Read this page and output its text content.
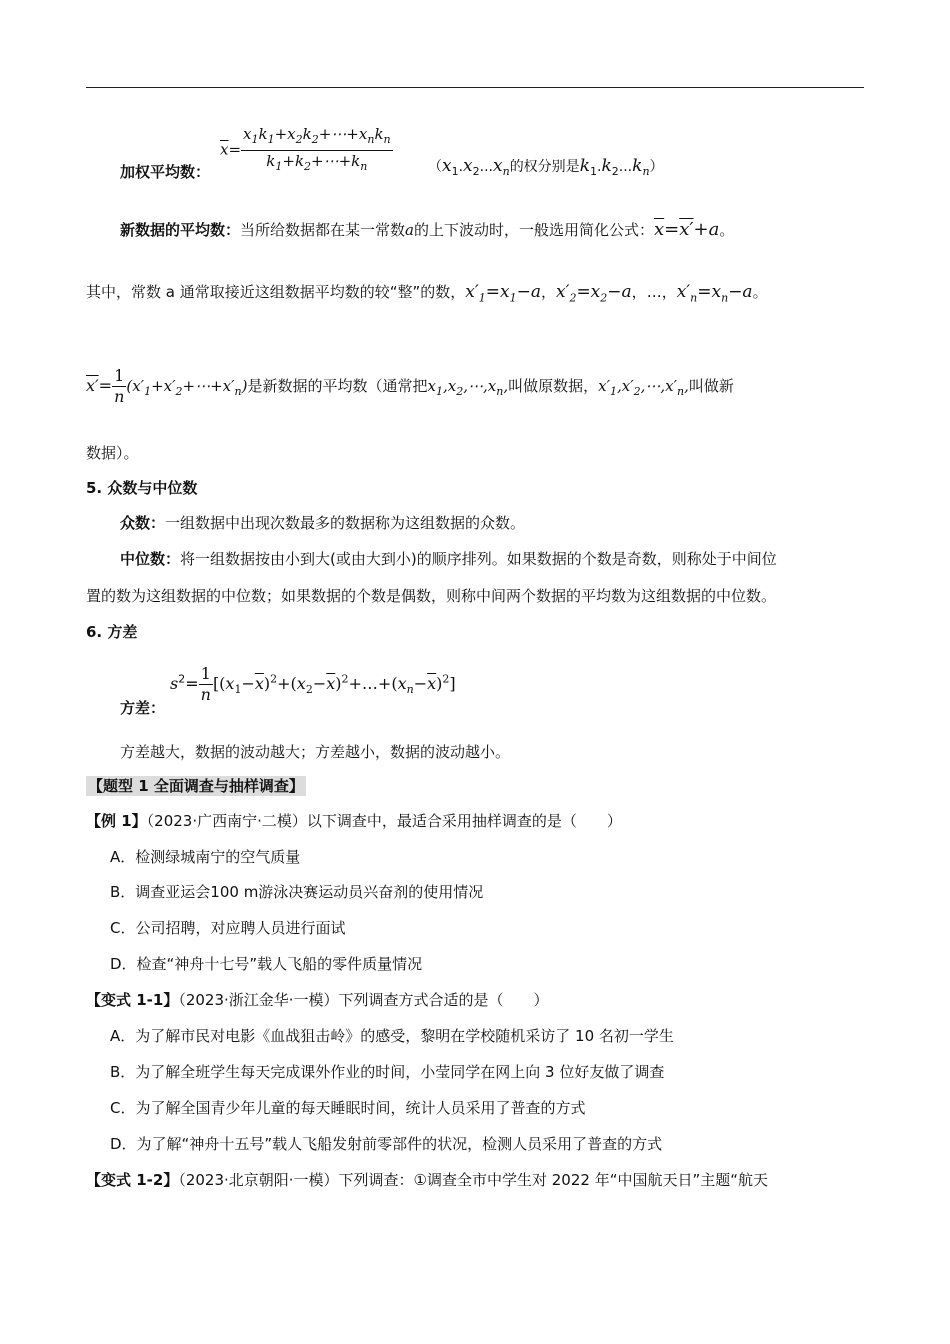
$\overline{x}= \frac{x_1k_1+x_2k_2+\cdots+x_nk_n}{k_1+k_2+\cdots+k_n}$
加权平均数：	（$x_1.x_2...x_n$的权分别是$k_1.k_2...k_n$）
新数据的平均数：当所给数据都在某一常数a的上下波动时，一般选用简化公式：$\overline{x}=x'+a$。
其中，常数 a 通常取接近这组数据平均数的较“整”的数，$x'_1=x_1-a$，$x'_2=x_2-a$，…，$x'_n=x_n-a$。
$x'= \frac{1}{n}$ $(x'_1+x'_2+\cdots+x'_n)$是新数据的平均数（通常把$x_1,x_2,\cdots,x_n$,叫做原数据，$x'_1,x'_2,\cdots,x'_n$,叫做新
数据）。
5. 众数与中位数
众数：一组数据中出现次数最多的数据称为这组数据的众数。
中位数：将一组数据按由小到大(或由大到小)的顺序排列。如果数据的个数是奇数，则称处于中间位
置的数为这组数据的中位数；如果数据的个数是偶数，则称中间两个数据的平均数为这组数据的中位数。
6. 方差
方差：
$s^2= \frac{1}{n}$ $[(x_1-\overline{x})^2+(x_2-\overline{x})^2+\dots+(x_n-\overline{x})^2]$
方差越大，数据的波动越大；方差越小，数据的波动越小。
【题型 1 全面调查与抽样调查】
【例 1】（2023·广西南宁·二模）以下调查中，最适合采用抽样调查的是（　　）
A．检测绿城南宁的空气质量
B．调查亚运会100 m游泳决赛运动员兴奋剂的使用情况
C．公司招聘，对应聘人员进行面试
D．检查“神舟十七号”载人飞船的零件质量情况
【变式 1-1】（2023·浙江金华·一模）下列调查方式合适的是（　　）
A．为了解市民对电影《血战狙击岭》的感受，黎明在学校随机采访了 10 名初一学生
B．为了解全班学生每天完成课外作业的时间，小莹同学在网上向 3 位好友做了调查
C．为了解全国青少年儿童的每天睡眠时间，统计人员采用了普查的方式
D．为了解“神舟十五号”载人飞船发射前零部件的状况，检测人员采用了普查的方式
【变式 1-2】（2023·北京朝阳·一模）下列调查：①调查全市中学生对 2022 年“中国航天日”主题“航天
